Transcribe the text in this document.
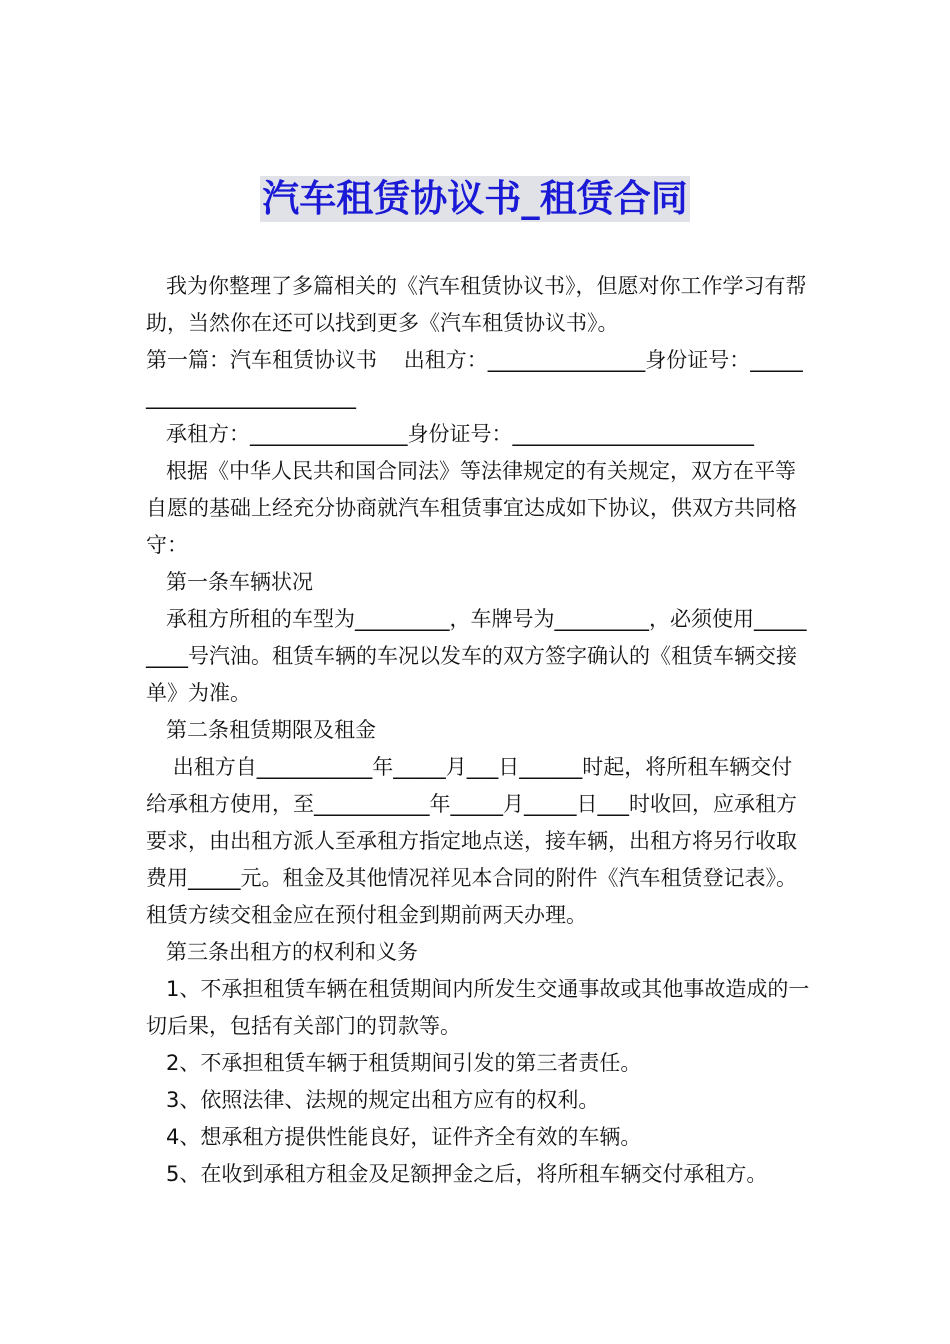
汽车租赁协议书_租赁合同

我为你整理了多篇相关的《汽车租赁协议书》，但愿对你工作学习有帮助，当然你在还可以找到更多《汽车租赁协议书》。

第一篇：汽车租赁协议书    出租方：_______________身份证号：_________________________

承租方：_______________身份证号：_______________________

根据《中华人民共和国合同法》等法律规定的有关规定，双方在平等自愿的基础上经充分协商就汽车租赁事宜达成如下协议，供双方共同格守：

第一条车辆状况

承租方所租的车型为_________，车牌号为_________，必须使用_________号汽油。租赁车辆的车况以发车的双方签字确认的《租赁车辆交接单》为准。

第二条租赁期限及租金

出租方自___________年_____月___日______时起，将所租车辆交付给承租方使用，至___________年_____月_____日___时收回，应承租方要求，由出租方派人至承租方指定地点送，接车辆，出租方将另行收取费用_____元。租金及其他情况祥见本合同的附件《汽车租赁登记表》。租赁方续交租金应在预付租金到期前两天办理。

第三条出租方的权利和义务

1、不承担租赁车辆在租赁期间内所发生交通事故或其他事故造成的一切后果，包括有关部门的罚款等。

2、不承担租赁车辆于租赁期间引发的第三者责任。

3、依照法律、法规的规定出租方应有的权利。

4、想承租方提供性能良好，证件齐全有效的车辆。

5、在收到承租方租金及足额押金之后，将所租车辆交付承租方。
